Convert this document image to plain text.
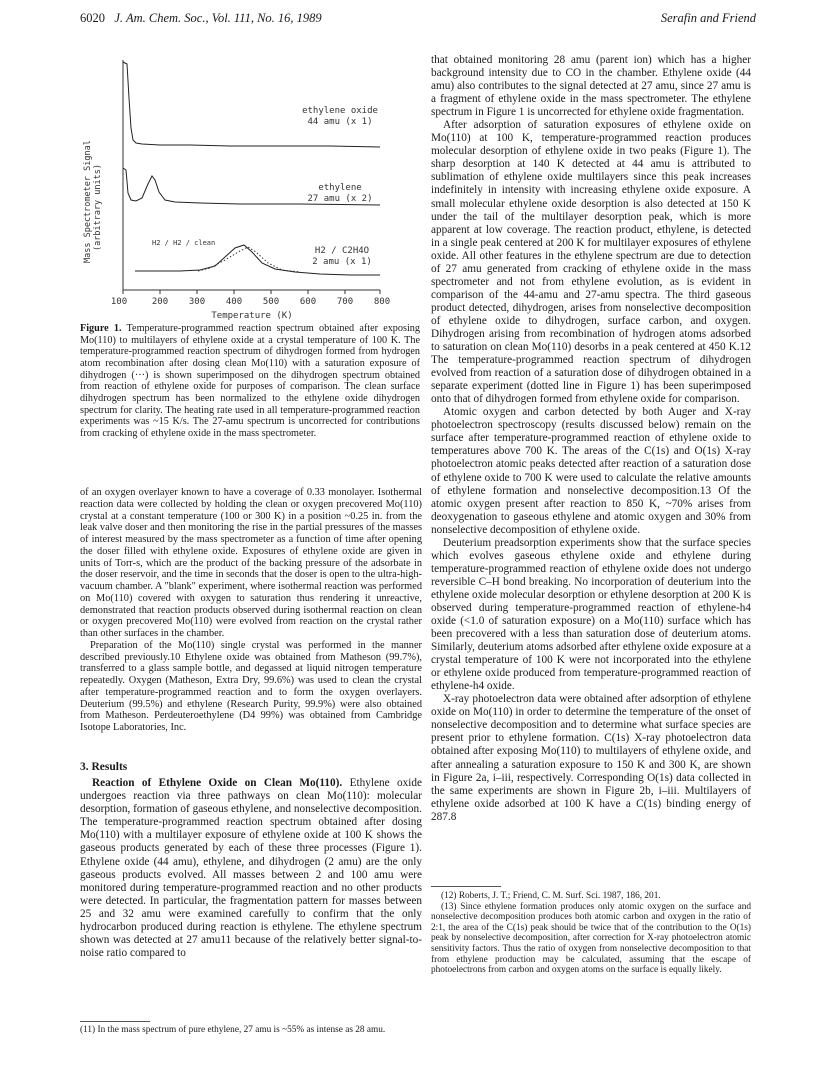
6020 J. Am. Chem. Soc., Vol. 111, No. 16, 1989	Serafin and Friend
100	200 300 400 500 600 700 800
Temperature (K)
Mass Spectrometer Signal (arbitrary units)
ethylene oxide
44 amu (x 1)
ethylene
27 amu (x 2)
H2 / C2H4O
2 amu (x 1)
H2 / H2 / clean
Figure 1. Temperature-programmed reaction spectrum obtained after exposing Mo(110) to multilayers of ethylene oxide at a crystal temperature of 100 K. The temperature-programmed reaction spectrum of dihydrogen formed from hydrogen atom recombination after dosing clean Mo(110) with a saturation exposure of dihydrogen (···) is shown superimposed on the dihydrogen spectrum obtained from reaction of ethylene oxide for purposes of comparison. The clean surface dihydrogen spectrum has been normalized to the ethylene oxide dihydrogen spectrum for clarity. The heating rate used in all temperature-programmed reaction experiments was ~15 K/s. The 27-amu spectrum is uncorrected for contributions from cracking of ethylene oxide in the mass spectrometer.

of an oxygen overlayer known to have a coverage of 0.33 monolayer. Isothermal reaction data were collected by holding the clean or oxygen precovered Mo(110) crystal at a constant temperature (100 or 300 K) in a position ~0.25 in. from the leak valve doser and then monitoring the rise in the partial pressures of the masses of interest measured by the mass spectrometer as a function of time after opening the doser filled with ethylene oxide. Exposures of ethylene oxide are given in units of Torr-s, which are the product of the backing pressure of the adsorbate in the doser reservoir, and the time in seconds that the doser is open to the ultra-high-vacuum chamber. A "blank" experiment, where isothermal reaction was performed on Mo(110) covered with oxygen to saturation thus rendering it unreactive, demonstrated that reaction products observed during isothermal reaction on clean or oxygen precovered Mo(110) were evolved from reaction on the crystal rather than other surfaces in the chamber.

Preparation of the Mo(110) single crystal was performed in the manner described previously.10 Ethylene oxide was obtained from Matheson (99.7%), transferred to a glass sample bottle, and degassed at liquid nitrogen temperature repeatedly. Oxygen (Matheson, Extra Dry, 99.6%) was used to clean the crystal after temperature-programmed reaction and to form the oxygen overlayers. Deuterium (99.5%) and ethylene (Research Purity, 99.9%) were also obtained from Matheson. Perdeuteroethylene (D4 99%) was obtained from Cambridge Isotope Laboratories, Inc.

3. Results

Reaction of Ethylene Oxide on Clean Mo(110). Ethylene oxide undergoes reaction via three pathways on clean Mo(110): molecular desorption, formation of gaseous ethylene, and nonselective decomposition. The temperature-programmed reaction spectrum obtained after dosing Mo(110) with a multilayer exposure of ethylene oxide at 100 K shows the gaseous products generated by each of these three processes (Figure 1). Ethylene oxide (44 amu), ethylene, and dihydrogen (2 amu) are the only gaseous products evolved. All masses between 2 and 100 amu were monitored during temperature-programmed reaction and no other products were detected. In particular, the fragmentation pattern for masses between 25 and 32 amu were examined carefully to confirm that the only hydrocarbon produced during reaction is ethylene. The ethylene spectrum shown was detected at 27 amu11 because of the relatively better signal-to-noise ratio compared to

(11) In the mass spectrum of pure ethylene, 27 amu is ~55% as intense as 28 amu.

that obtained monitoring 28 amu (parent ion) which has a higher background intensity due to CO in the chamber. Ethylene oxide (44 amu) also contributes to the signal detected at 27 amu, since 27 amu is a fragment of ethylene oxide in the mass spectrometer. The ethylene spectrum in Figure 1 is uncorrected for ethylene oxide fragmentation.

After adsorption of saturation exposures of ethylene oxide on Mo(110) at 100 K, temperature-programmed reaction produces molecular desorption of ethylene oxide in two peaks (Figure 1). The sharp desorption at 140 K detected at 44 amu is attributed to sublimation of ethylene oxide multilayers since this peak increases indefinitely in intensity with increasing ethylene oxide exposure. A small molecular ethylene oxide desorption is also detected at 150 K under the tail of the multilayer desorption peak, which is more apparent at low coverage. The reaction product, ethylene, is detected in a single peak centered at 200 K for multilayer exposures of ethylene oxide. All other features in the ethylene spectrum are due to detection of 27 amu generated from cracking of ethylene oxide in the mass spectrometer and not from ethylene evolution, as is evident in comparison of the 44-amu and 27-amu spectra. The third gaseous product detected, dihydrogen, arises from nonselective decomposition of ethylene oxide to dihydrogen, surface carbon, and oxygen. Dihydrogen arising from recombination of hydrogen atoms adsorbed to saturation on clean Mo(110) desorbs in a peak centered at 450 K.12 The temperature-programmed reaction spectrum of dihydrogen evolved from reaction of a saturation dose of dihydrogen obtained in a separate experiment (dotted line in Figure 1) has been superimposed onto that of dihydrogen formed from ethylene oxide for comparison.

Atomic oxygen and carbon detected by both Auger and X-ray photoelectron spectroscopy (results discussed below) remain on the surface after temperature-programmed reaction of ethylene oxide to temperatures above 700 K. The areas of the C(1s) and O(1s) X-ray photoelectron atomic peaks detected after reaction of a saturation dose of ethylene oxide to 700 K were used to calculate the relative amounts of ethylene formation and nonselective decomposition.13 Of the atomic oxygen present after reaction to 850 K, ~70% arises from deoxygenation to gaseous ethylene and atomic oxygen and 30% from nonselective decomposition of ethylene oxide.

Deuterium preadsorption experiments show that the surface species which evolves gaseous ethylene oxide and ethylene during temperature-programmed reaction of ethylene oxide does not undergo reversible C–H bond breaking. No incorporation of deuterium into the ethylene oxide molecular desorption or ethylene desorption at 200 K is observed during temperature-programmed reaction of ethylene-h4 oxide (<1.0 of saturation exposure) on a Mo(110) surface which has been precovered with a less than saturation dose of deuterium atoms. Similarly, deuterium atoms adsorbed after ethylene oxide exposure at a crystal temperature of 100 K were not incorporated into the ethylene or ethylene oxide produced from temperature-programmed reaction of ethylene-h4 oxide.

X-ray photoelectron data were obtained after adsorption of ethylene oxide on Mo(110) in order to determine the temperature of the onset of nonselective decomposition and to determine what surface species are present prior to ethylene formation. C(1s) X-ray photoelectron data obtained after exposing Mo(110) to multilayers of ethylene oxide, and after annealing a saturation exposure to 150 K and 300 K, are shown in Figure 2a, i–iii, respectively. Corresponding O(1s) data collected in the same experiments are shown in Figure 2b, i–iii. Multilayers of ethylene oxide adsorbed at 100 K have a C(1s) binding energy of 287.8

(12) Roberts, J. T.; Friend, C. M. Surf. Sci. 1987, 186, 201.

(13) Since ethylene formation produces only atomic oxygen on the surface and nonselective decomposition produces both atomic carbon and oxygen in the ratio of 2:1, the area of the C(1s) peak should be twice that of the contribution to the O(1s) peak by nonselective decomposition, after correction for X-ray photoelectron atomic sensitivity factors. Thus the ratio of oxygen from nonselective decomposition to that from ethylene production may be calculated, assuming that the escape of photoelectrons from carbon and oxygen atoms on the surface is equally likely.
